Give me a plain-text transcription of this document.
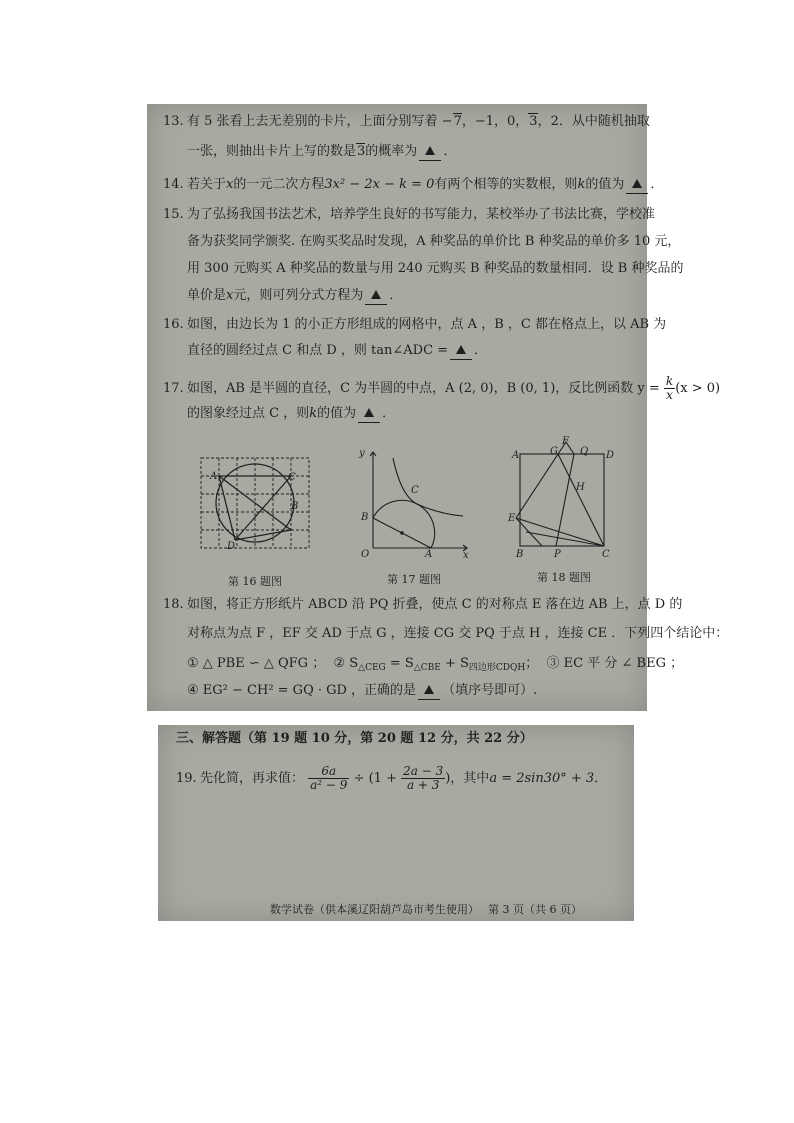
13. 有 5 张看上去无差别的卡片，上面分别写着 −7，−1，0，3，2．从中随机抽取
一张，则抽出卡片上写的数是3的概率为 ．
14. 若关于x的一元二次方程3x² − 2x − k = 0有两个相等的实数根，则k的值为 ．
15. 为了弘扬我国书法艺术，培养学生良好的书写能力，某校举办了书法比赛，学校准
备为获奖同学颁奖. 在购买奖品时发现，A 种奖品的单价比 B 种奖品的单价多 10 元，
用 300 元购买 A 种奖品的数量与用 240 元购买 B 种奖品的数量相同．设 B 种奖品的
单价是x元，则可列分式方程为 ．
16. 如图，由边长为 1 的小正方形组成的网格中，点 A ，B ，C 都在格点上，以 AB 为
直径的圆经过点 C 和点 D ，则 tan∠ADC = ．
17. 如图，AB 是半圆的直径，C 为半圆的中点，A (2, 0)，B (0, 1)，反比例函数 $y = \frac{k}{x} (x > 0)$
的图象经过点 C ，则k的值为 ．
A
B
C
D
y
x
O	A
B
C
A	D
B	C
E
F
G Q
H
P
第 16 题图	第 17 题图	第 18 题图
18. 如图，将正方形纸片 ABCD 沿 PQ 折叠，使点 C 的对称点 E 落在边 AB 上，点 D 的
对称点为点 F ，EF 交 AD 于点 G ，连接 CG 交 PQ 于点 H ，连接 CE ．下列四个结论中：
① △ PBE ∽ △ QFG ； ② $S_{\triangle CEG} = S_{\triangle CBE} + S_{四边形CDQH}$； ③ EC 平 分 ∠ BEG ；
④ EG² − CH² = GQ · GD ，正确的是 （填序号即可）.
三、解答题（第 19 题 10 分，第 20 题 12 分，共 22 分）
19. 先化简，再求值： $\frac{6a}{\text{a² − 9}} \div (1 + \frac{2a - 3}{a + 3}$ )，其中a = 2sin30° + 3．
数学试卷（供本溪辽阳葫芦岛市考生使用） 第 3 页（共 6 页）
